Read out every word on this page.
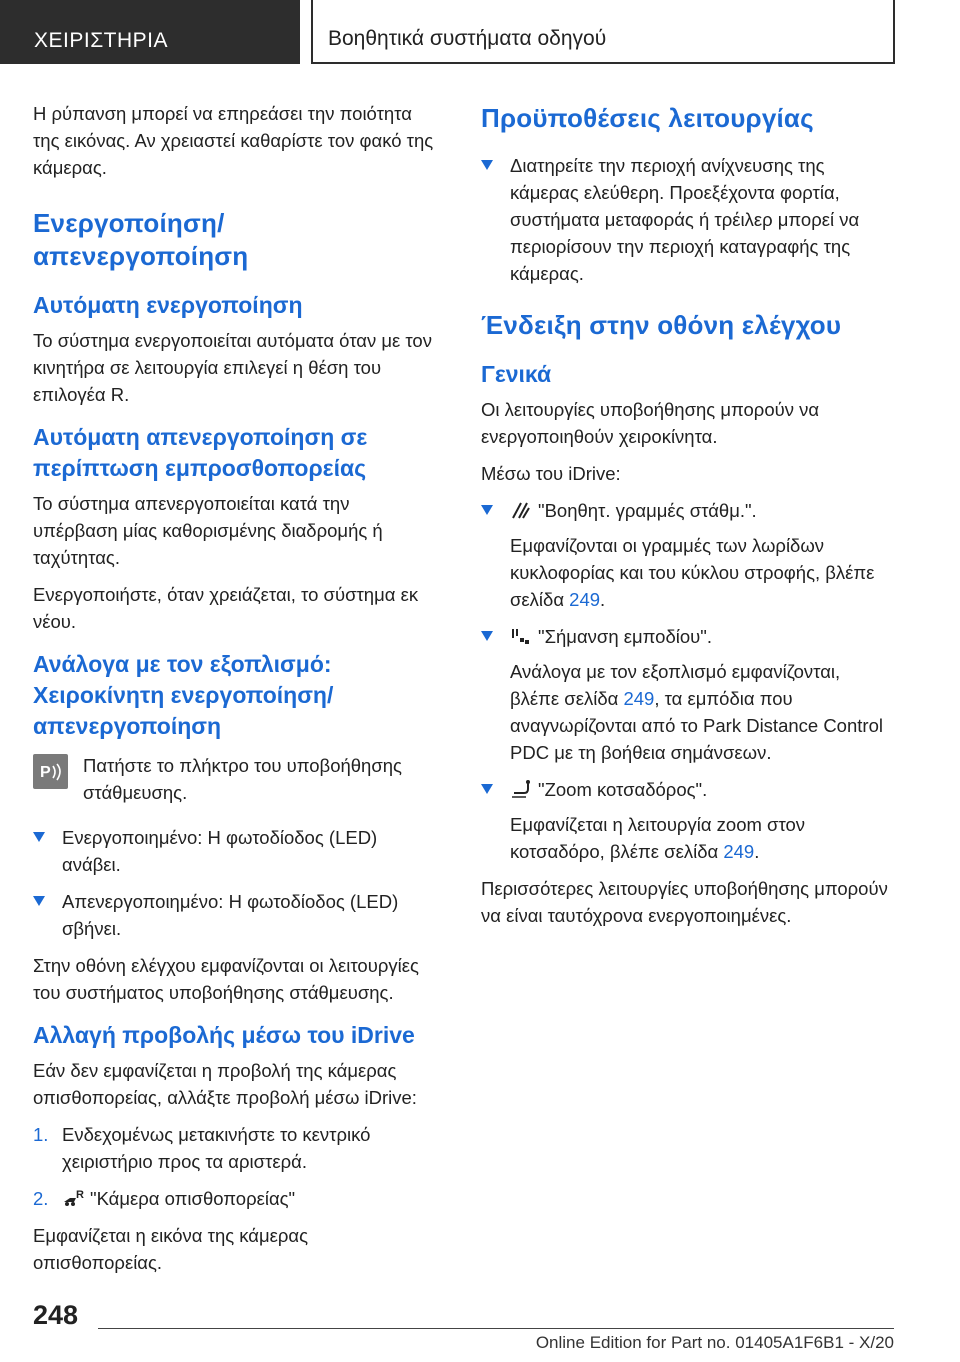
ΧΕΙΡΙΣΤΗΡΙΑ	Βοηθητικά συστήματα οδηγού

Η ρύπανση μπορεί να επηρεάσει την ποιότητα της εικόνας. Αν χρειαστεί καθαρίστε τον φακό της κάμερας.

Ενεργοποίηση/απενεργοποίηση
Αυτόματη ενεργοποίηση

Το σύστημα ενεργοποιείται αυτόματα όταν με τον κινητήρα σε λειτουργία επιλεγεί η θέση του επιλογέα R.

Αυτόματη απενεργοποίηση σε περίπτωση εμπροσθοπορείας

Το σύστημα απενεργοποιείται κατά την υπέρβαση μίας καθορισμένης διαδρομής ή ταχύτητας.

Ενεργοποιήστε, όταν χρειάζεται, το σύστημα εκ νέου.

Ανάλογα με τον εξοπλισμό: Χειροκίνητη ενεργοποίηση/ απενεργοποίηση
P Πατήστε το πλήκτρο του υποβοήθησης στάθμευσης.

Ενεργοποιημένο: Η φωτοδίοδος (LED) ανάβει.
Απενεργοποιημένο: Η φωτοδίοδος (LED) σβήνει.

Στην οθόνη ελέγχου εμφανίζονται οι λειτουργίες του συστήματος υποβοήθησης στάθμευσης.

Αλλαγή προβολής μέσω του iDrive

Εάν δεν εμφανίζεται η προβολή της κάμερας οπισθοπορείας, αλλάξτε προβολή μέσω iDrive:

1. Ενδεχομένως μετακινήστε το κεντρικό χειριστήριο προς τα αριστερά.
2.	R "Κάμερα οπισθοπορείας"

Εμφανίζεται η εικόνα της κάμερας οπισθοπορείας.

Προϋποθέσεις λειτουργίας
Διατηρείτε την περιοχή ανίχνευσης της κάμερας ελεύθερη. Προεξέχοντα φορτία, συστήματα μεταφοράς ή τρέιλερ μπορεί να περιορίσουν την περιοχή καταγραφής της κάμερας.
Ένδειξη στην οθόνη ελέγχου
Γενικά

Οι λειτουργίες υποβοήθησης μπορούν να ενεργοποιηθούν χειροκίνητα.

Μέσω του iDrive:

"Βοηθητ. γραμμές στάθμ.".
Εμφανίζονται οι γραμμές των λωρίδων κυκλοφορίας και του κύκλου στροφής, βλέπε σελίδα 249.
"Σήμανση εμποδίου".
Ανάλογα με τον εξοπλισμό εμφανίζονται, βλέπε σελίδα 249, τα εμπόδια που αναγνωρίζονται από το Park Distance Control PDC με τη βοήθεια σημάνσεων.
"Zoom κοτσαδόρος".
Εμφανίζεται η λειτουργία zoom στον κοτσαδόρο, βλέπε σελίδα 249.

Περισσότερες λειτουργίες υποβοήθησης μπορούν να είναι ταυτόχρονα ενεργοποιημένες.

248
Online Edition for Part no. 01405A1F6B1 - X/20
